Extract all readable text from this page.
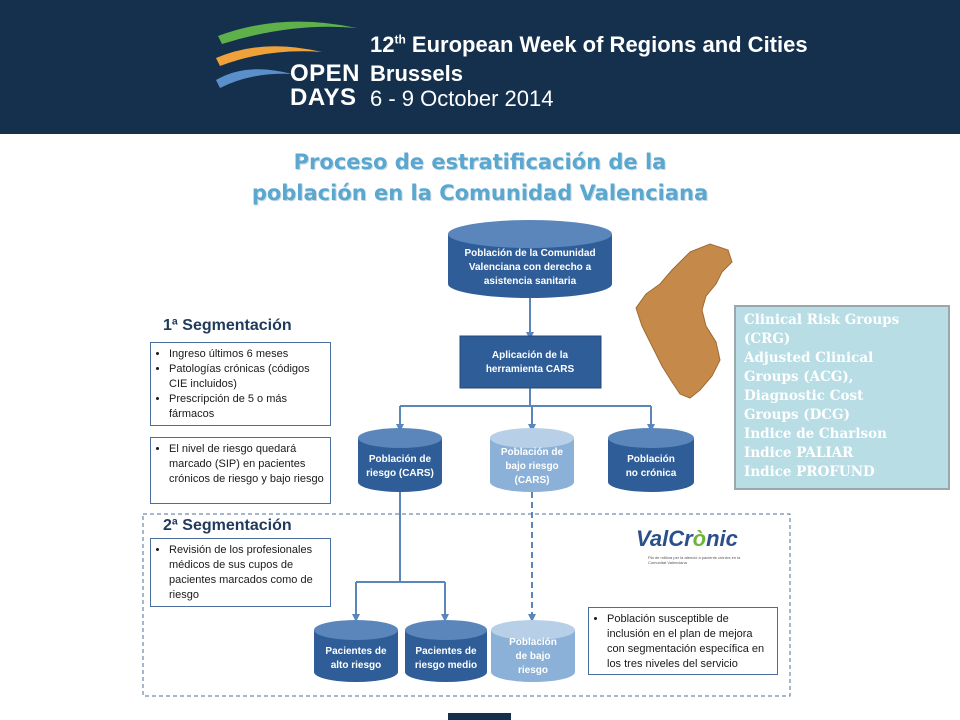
OPEN
DAYS
12th European Week of Regions and Cities
Brussels
6 - 9 October 2014
Proceso de estratificación de la
población en la Comunidad Valenciana
Población de la Comunidad
Valenciana con derecho a
asistencia sanitaria
Aplicación de la
herramienta CARS
Población de
riesgo (CARS)
Población de
bajo riesgo
(CARS)
Población
no crónica
Pacientes de
alto riesgo
Pacientes de
riesgo medio
Población
de bajo
riesgo
1ª Segmentación
• Ingreso últimos 6 meses
• Patologías crónicas (códigos CIE incluidos)
• Prescripción de 5 o más fármacos
• El nivel de riesgo quedará marcado (SIP) en pacientes crónicos de riesgo y bajo riesgo
2ª Segmentación
• Revisión de los profesionales médicos de sus cupos de pacientes marcados como de riesgo
• Población susceptible de inclusión en el plan de mejora con segmentación específica en los tres niveles del servicio
Clinical Risk Groups
(CRG)
Adjusted Clinical
Groups (ACG),
Diagnostic Cost
Groups (DCG)
Indice de Charlson
Indice PALIAR
Indice PROFUND
ValCrònic
Pla de millora per la atenció a pacients crònics en la Comunitat Valenciana
